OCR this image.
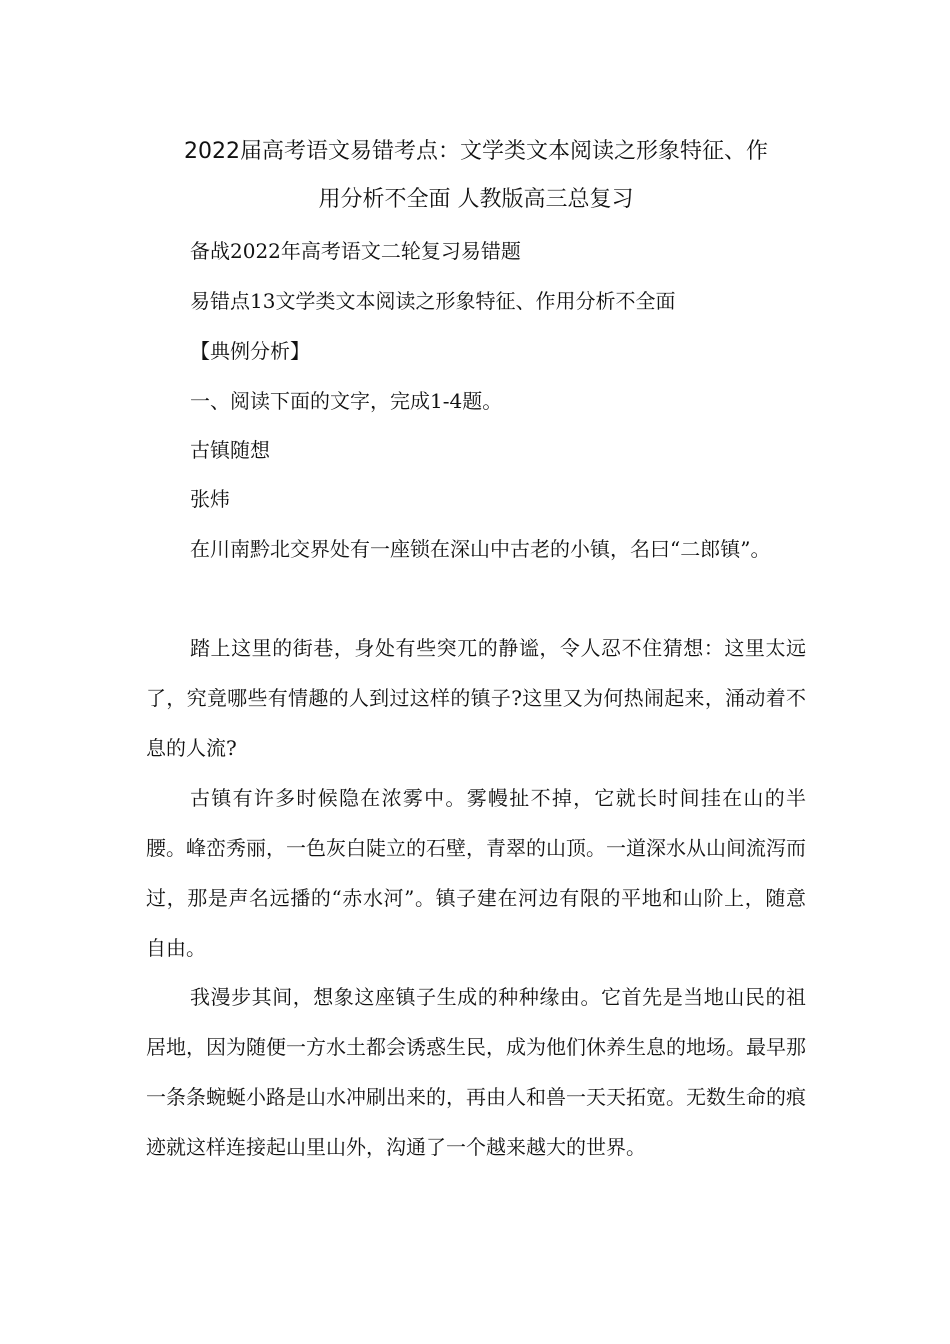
2022届高考语文易错考点：文学类文本阅读之形象特征、作
用分析不全面 人教版高三总复习
备战2022年高考语文二轮复习易错题
易错点13文学类文本阅读之形象特征、作用分析不全面
【典例分析】
一、阅读下面的文字，完成1-4题。
古镇随想
张炜

在川南黔北交界处有一座锁在深山中古老的小镇，名曰“二郎镇”。

踏上这里的街巷，身处有些突兀的静谧，令人忍不住猜想：这里太远了，究竟哪些有情趣的人到过这样的镇子?这里又为何热闹起来，涌动着不息的人流?

古镇有许多时候隐在浓雾中。雾幔扯不掉，它就长时间挂在山的半腰。峰峦秀丽，一色灰白陡立的石壁，青翠的山顶。一道深水从山间流泻而过，那是声名远播的“赤水河”。镇子建在河边有限的平地和山阶上，随意自由。

我漫步其间，想象这座镇子生成的种种缘由。它首先是当地山民的祖居地，因为随便一方水土都会诱惑生民，成为他们休养生息的地场。最早那一条条蜿蜒小路是山水冲刷出来的，再由人和兽一天天拓宽。无数生命的痕迹就这样连接起山里山外，沟通了一个越来越大的世界。
